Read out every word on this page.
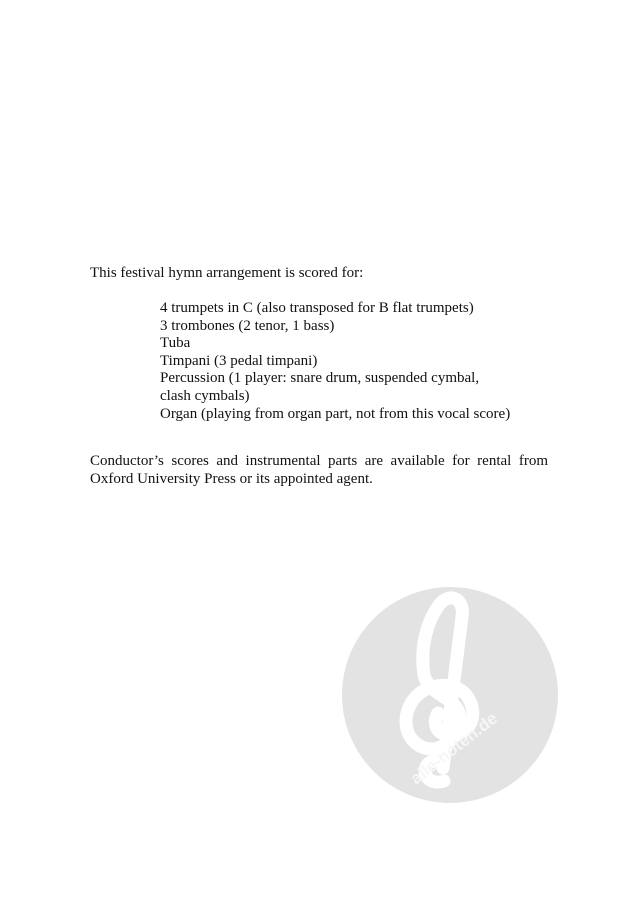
This festival hymn arrangement is scored for:

4 trumpets in C (also transposed for B flat trumpets)
3 trombones (2 tenor, 1 bass)
Tuba
Timpani (3 pedal timpani)
Percussion (1 player: snare drum, suspended cymbal,
clash cymbals)
Organ (playing from organ part, not from this vocal score)

Conductor’s scores and instrumental parts are available for rental from Oxford University Press or its appointed agent.

alle-noten.de
